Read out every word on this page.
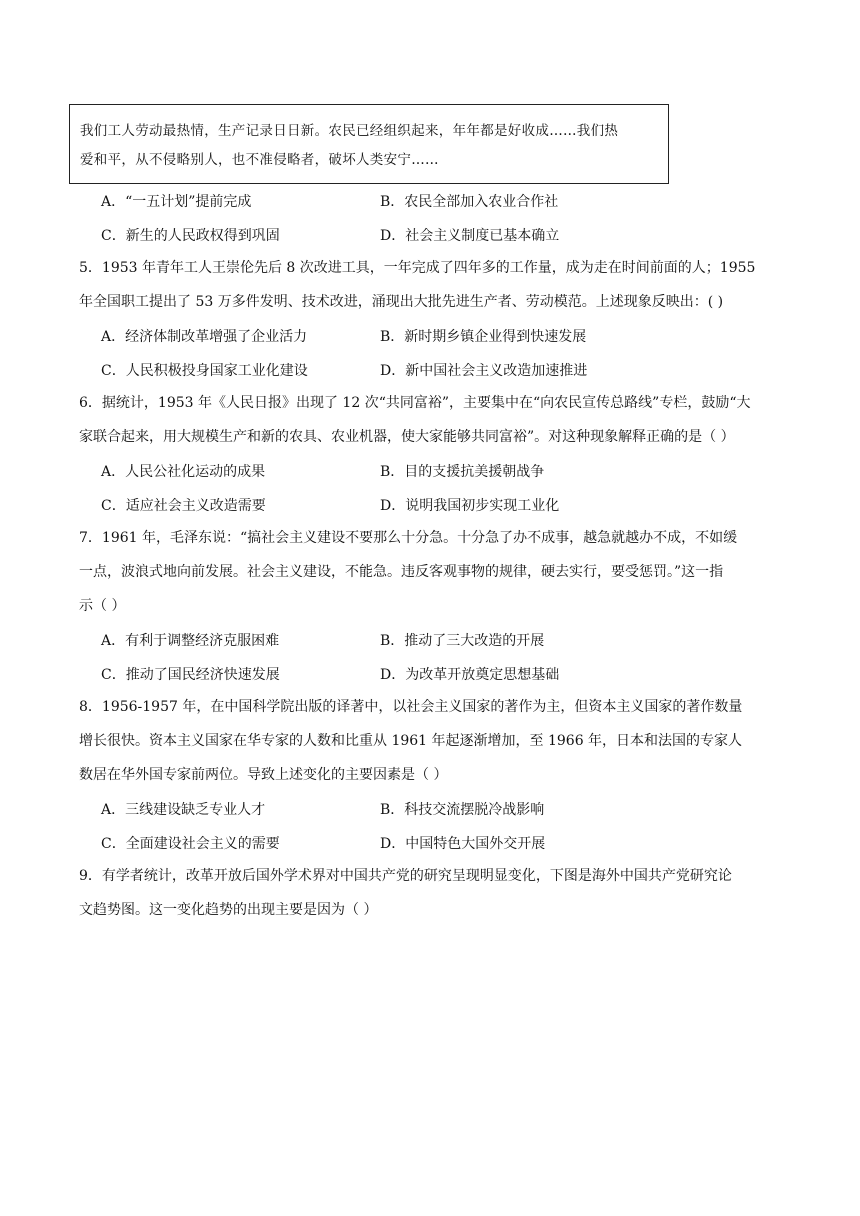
我们工人劳动最热情，生产记录日日新。农民已经组织起来，年年都是好收成……我们热
爱和平，从不侵略别人，也不准侵略者，破坏人类安宁……
A．“一五计划”提前完成	B．农民全部加入农业合作社
C．新生的人民政权得到巩固	D．社会主义制度已基本确立
5．1953 年青年工人王崇伦先后 8 次改进工具，一年完成了四年多的工作量，成为走在时间前面的人；1955
年全国职工提出了 53 万多件发明、技术改进，涌现出大批先进生产者、劳动模范。上述现象反映出：( )
A．经济体制改革增强了企业活力	B．新时期乡镇企业得到快速发展
C．人民积极投身国家工业化建设	D．新中国社会主义改造加速推进
6．据统计，1953 年《人民日报》出现了 12 次“共同富裕”，主要集中在“向农民宣传总路线”专栏，鼓励“大
家联合起来，用大规模生产和新的农具、农业机器，使大家能够共同富裕”。对这种现象解释正确的是（ ）
A．人民公社化运动的成果	B．目的支援抗美援朝战争
C．适应社会主义改造需要	D．说明我国初步实现工业化
7．1961 年，毛泽东说：“搞社会主义建设不要那么十分急。十分急了办不成事，越急就越办不成，不如缓
一点，波浪式地向前发展。社会主义建设，不能急。违反客观事物的规律，硬去实行，要受惩罚。”这一指
示（ ）
A．有利于调整经济克服困难	B．推动了三大改造的开展
C．推动了国民经济快速发展	D．为改革开放奠定思想基础
8．1956-1957 年，在中国科学院出版的译著中，以社会主义国家的著作为主，但资本主义国家的著作数量
增长很快。资本主义国家在华专家的人数和比重从 1961 年起逐渐增加，至 1966 年，日本和法国的专家人
数居在华外国专家前两位。导致上述变化的主要因素是（ ）
A．三线建设缺乏专业人才	B．科技交流摆脱冷战影响
C．全面建设社会主义的需要	D．中国特色大国外交开展
9．有学者统计，改革开放后国外学术界对中国共产党的研究呈现明显变化，下图是海外中国共产党研究论
文趋势图。这一变化趋势的出现主要是因为（ ）
